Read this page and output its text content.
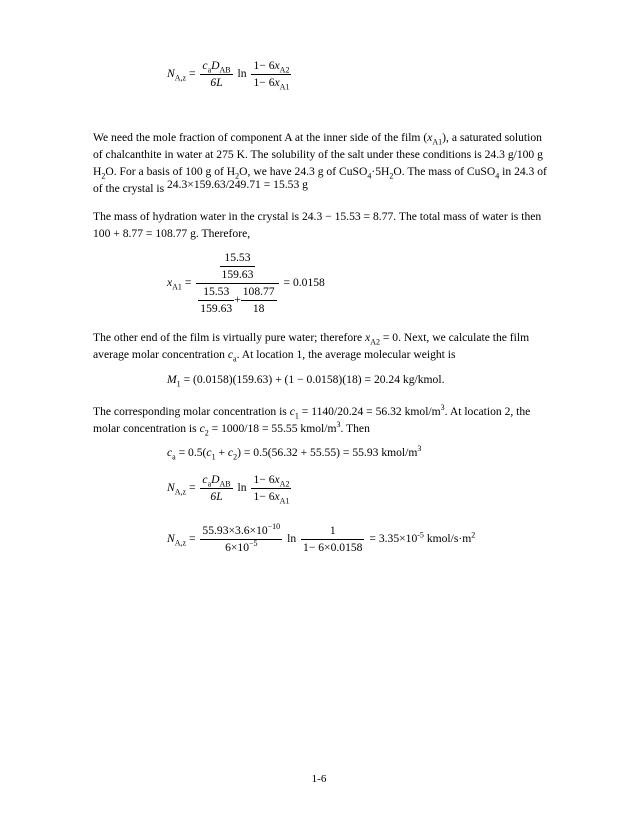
$N_{A,z} = \frac{c_aD_{AB}}{6L}$ $\ln \frac{1- 6x_{A2}}{1- 6x_{A1}}$

We need the mole fraction of component A at the inner side of the film $(x_{A1})$, a saturated solution of chalcanthite in water at 275 K. The solubility of the salt under these conditions is 24.3 g/100 g $H_2O$. For a basis of 100 g of $H_2O$, we have 24.3 g of $CuSO_4\cdot 5H_2O$. The mass of CuSO$_4$ in 24.3 of of the crystal is 24.3×159.63/249.71 = 15.53 g

The mass of hydration water in the crystal is 24.3 − 15.53 = 8.77. The total mass of water is then 100 + 8.77 = 108.77 g. Therefore,

$x_{A1} = \frac{15.53}{159.63}$
$\frac{15.53}{159.63} + \frac{108.77}{18}$
= 0.0158

The other end of the film is virtually pure water; therefore $x_{A2} = 0$. Next, we calculate the film average molar concentration $c_a$. At location 1, the average molecular weight is

$M_1 = (0.0158)(159.63) + (1 - 0.0158)(18) = 20.24$ kg/kmol.

The corresponding molar concentration is $c_1 = 1140/20.24 = 56.32$ kmol/$m^3$. At location 2, the molar concentration is $c_2 = 1000/18 = 55.55$ kmol/$m^3$. Then

$c_a = 0.5(c_1 + c_2) = 0.5(56.32 + 55.55) = 55.93$ kmol/$m^3$
$N_{A,z} = \frac{c_aD_{AB}}{6L}$ $\ln \frac{1- 6x_{A2}}{1- 6x_{A1}}$
$N_{A,z} = \frac{55.93\times 3.6\times 10^{-10}}{6\times 10^{-5}}$ $\ln \frac{1}{1- 6\times 0.0158} = 3.35\times 10^{-5}$ kmol/$s\cdot m^2$
1-6
